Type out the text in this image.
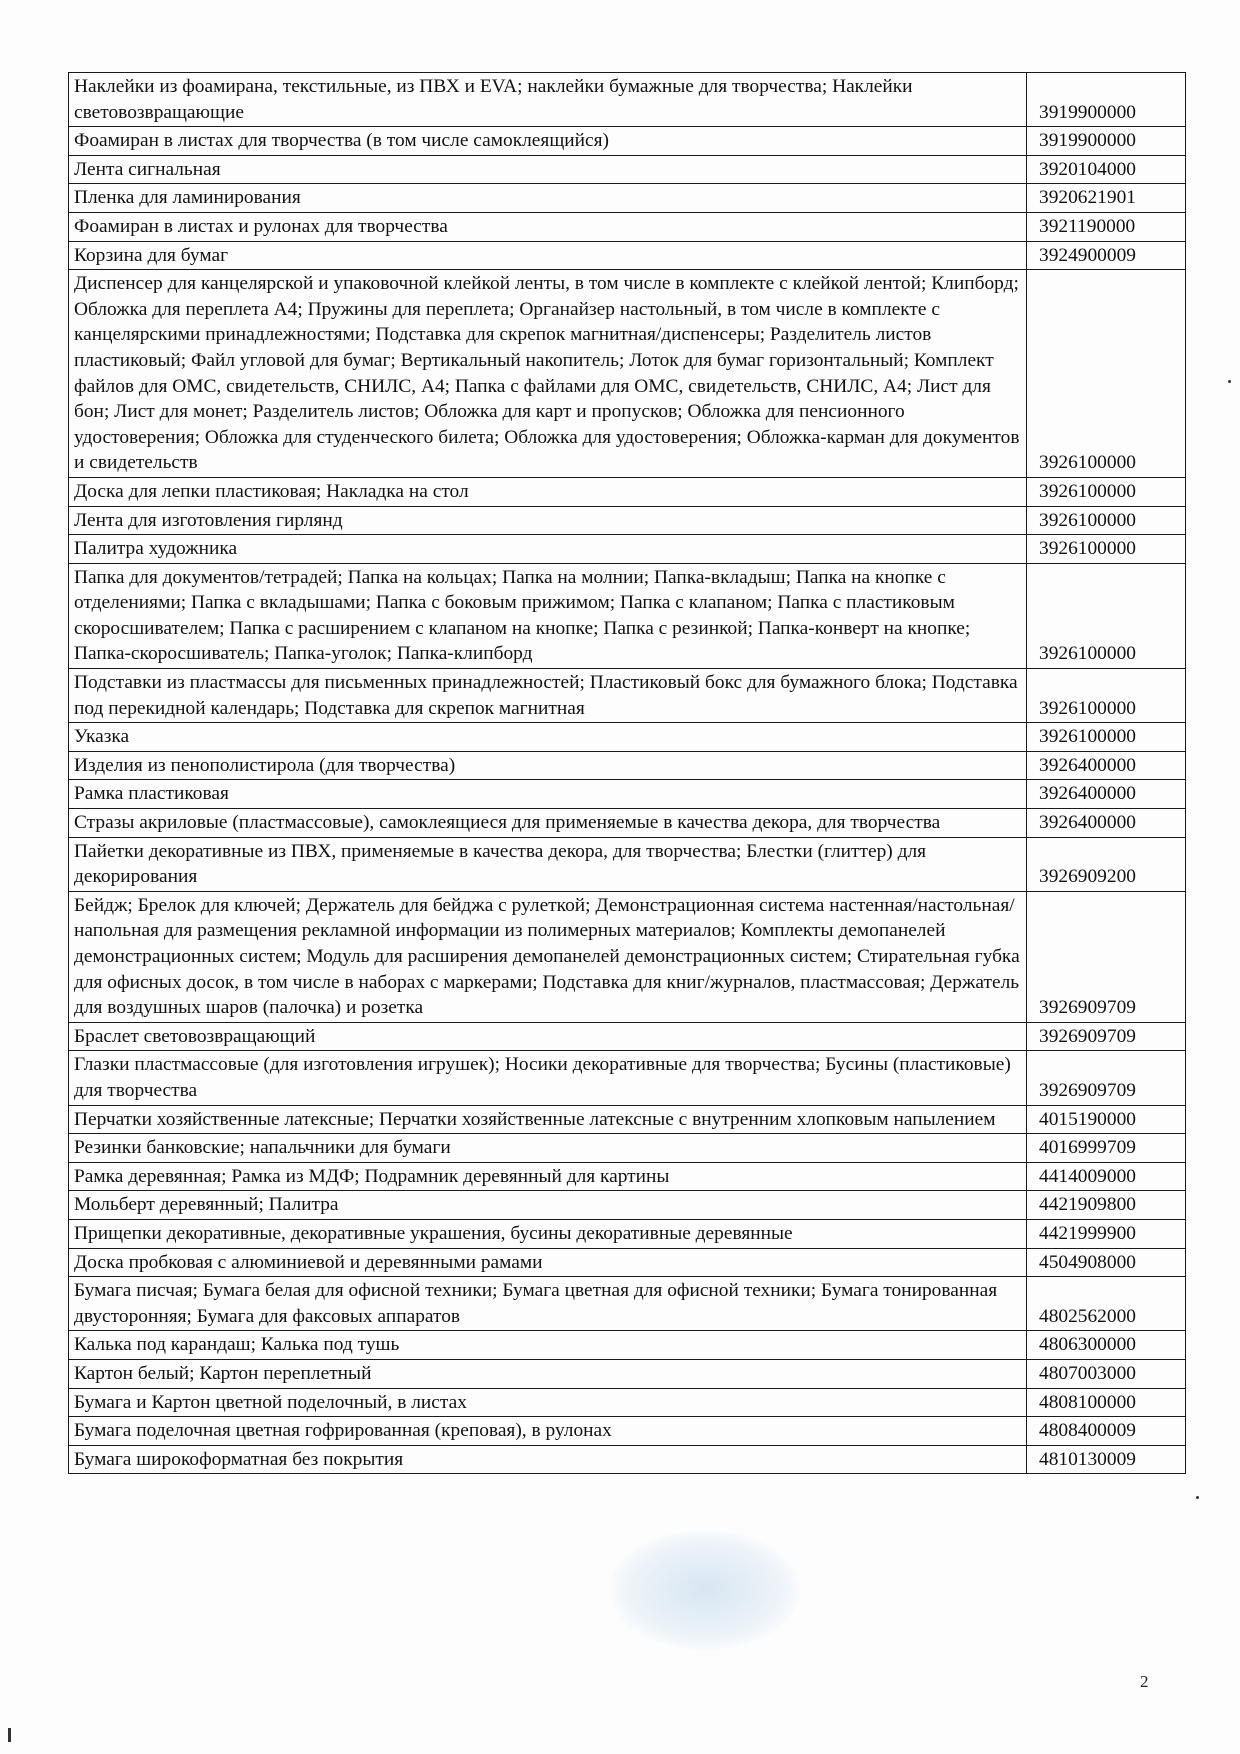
Наклейки из фоамирана, текстильные, из ПВХ и EVA; наклейки бумажные для творчества; Наклейки световозвращающие	3919900000
Фоамиран в листах для творчества (в том числе самоклеящийся)	3919900000
Лента сигнальная	3920104000
Пленка для ламинирования	3920621901
Фоамиран в листах и рулонах для творчества	3921190000
Корзина для бумаг	3924900009
Диспенсер для канцелярской и упаковочной клейкой ленты, в том числе в комплекте с клейкой лентой; Клипборд; Обложка для переплета А4; Пружины для переплета; Органайзер настольный, в том числе в комплекте с канцелярскими принадлежностями; Подставка для скрепок магнитная/диспенсеры; Разделитель листов пластиковый; Файл угловой для бумаг; Вертикальный накопитель; Лоток для бумаг горизонтальный; Комплект файлов для ОМС, свидетельств, СНИЛС, А4; Папка с файлами для ОМС, свидетельств, СНИЛС, А4; Лист для бон; Лист для монет; Разделитель листов; Обложка для карт и пропусков; Обложка для пенсионного удостоверения; Обложка для студенческого билета; Обложка для удостоверения; Обложка-карман для документов и свидетельств	3926100000
Доска для лепки пластиковая; Накладка на стол	3926100000
Лента для изготовления гирлянд	3926100000
Палитра художника	3926100000
Папка для документов/тетрадей; Папка на кольцах; Папка на молнии; Папка-вкладыш; Папка на кнопке с отделениями; Папка с вкладышами; Папка с боковым прижимом; Папка с клапаном; Папка с пластиковым скоросшивателем; Папка с расширением с клапаном на кнопке; Папка с резинкой; Папка-конверт на кнопке; Папка-скоросшиватель; Папка-уголок; Папка-клипборд	3926100000
Подставки из пластмассы для письменных принадлежностей; Пластиковый бокс для бумажного блока; Подставка под перекидной календарь; Подставка для скрепок магнитная	3926100000
Указка	3926100000
Изделия из пенополистирола (для творчества)	3926400000
Рамка пластиковая	3926400000
Стразы акриловые (пластмассовые), самоклеящиеся для применяемые в качества декора, для творчества	3926400000
Пайетки декоративные из ПВХ, применяемые в качества декора, для творчества; Блестки (глиттер) для декорирования	3926909200
Бейдж; Брелок для ключей; Держатель для бейджа с рулеткой; Демонстрационная система настенная/настольная/напольная для размещения рекламной информации из полимерных материалов; Комплекты демопанелей демонстрационных систем; Модуль для расширения демопанелей демонстрационных систем; Стирательная губка для офисных досок, в том числе в наборах с маркерами; Подставка для книг/журналов, пластмассовая; Держатель для воздушных шаров (палочка) и розетка	3926909709
Браслет световозвращающий	3926909709
Глазки пластмассовые (для изготовления игрушек); Носики декоративные для творчества; Бусины (пластиковые) для творчества	3926909709
Перчатки хозяйственные латексные; Перчатки хозяйственные латексные с внутренним хлопковым напылением	4015190000
Резинки банковские; напальчники для бумаги	4016999709
Рамка деревянная; Рамка из МДФ; Подрамник деревянный для картины	4414009000
Мольберт деревянный; Палитра	4421909800
Прищепки декоративные, декоративные украшения, бусины декоративные деревянные	4421999900
Доска пробковая с алюминиевой и деревянными рамами	4504908000
Бумага писчая; Бумага белая для офисной техники; Бумага цветная для офисной техники; Бумага тонированная двусторонняя; Бумага для факсовых аппаратов	4802562000
Калька под карандаш; Калька под тушь	4806300000
Картон белый; Картон переплетный	4807003000
Бумага и Картон цветной поделочный, в листах	4808100000
Бумага поделочная цветная гофрированная (креповая), в рулонах	4808400009
Бумага широкоформатная без покрытия	4810130009
2
